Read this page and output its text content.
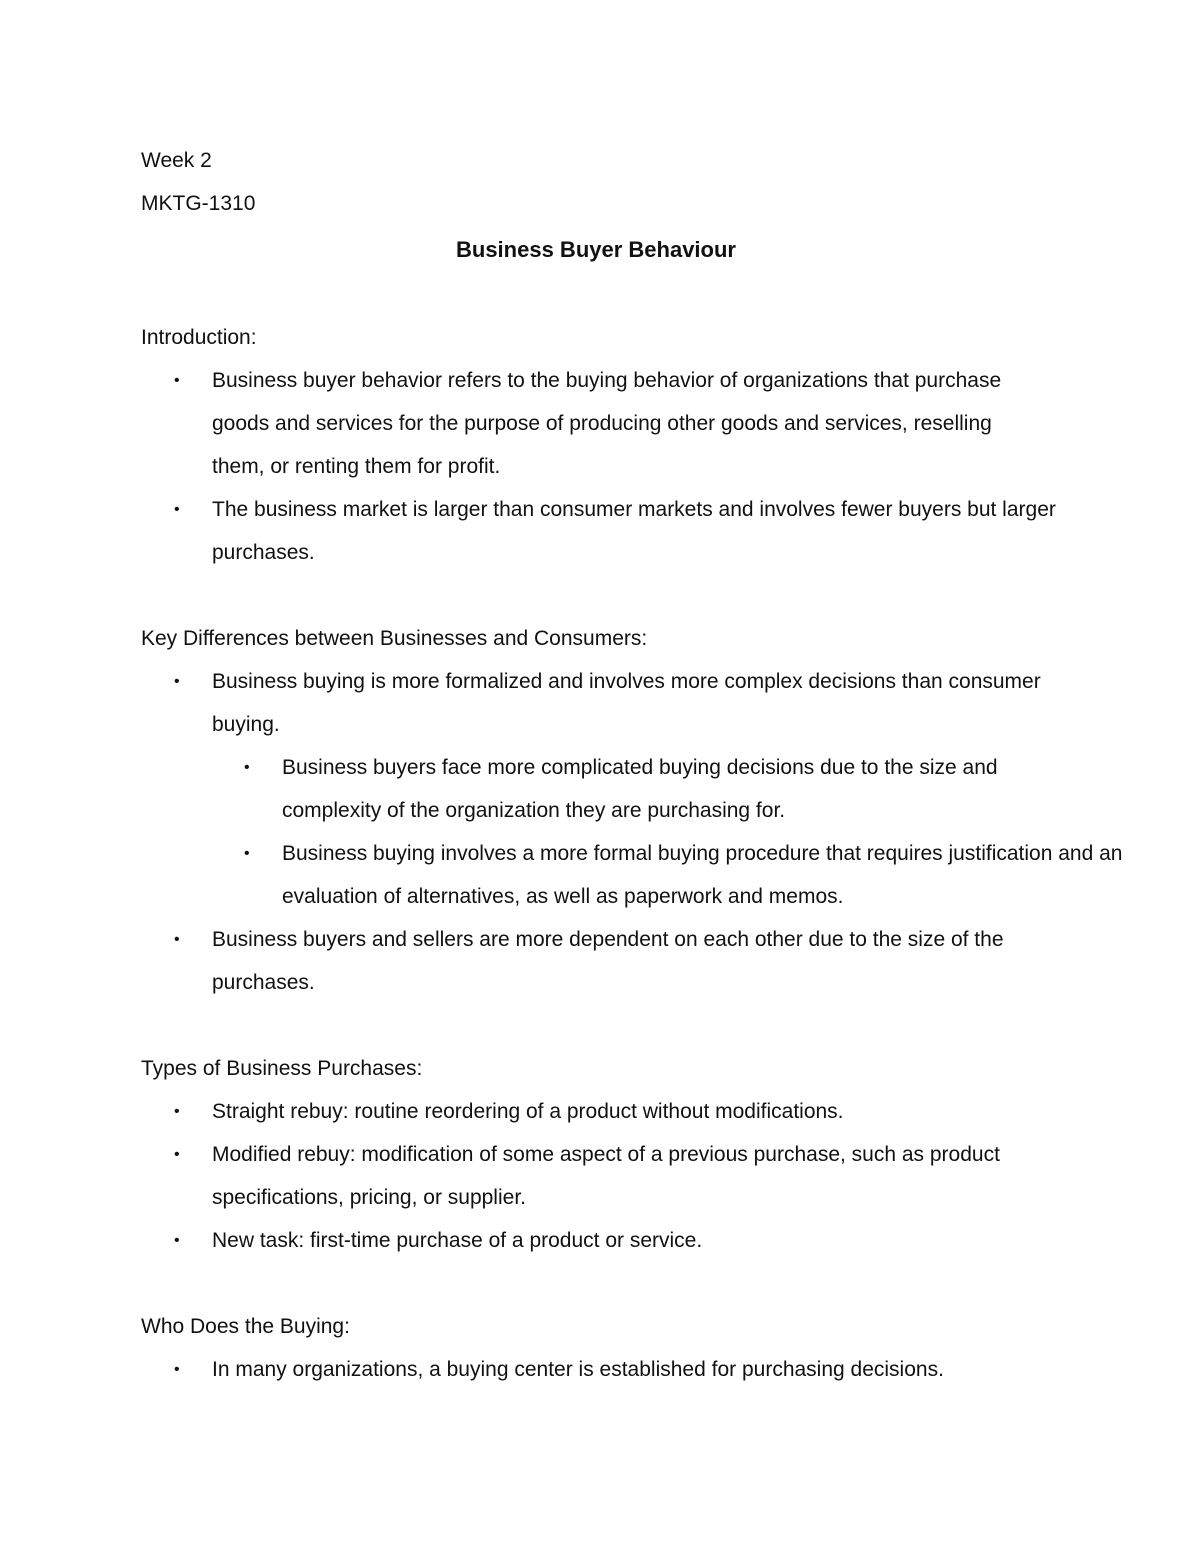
Week 2

MKTG-1310

Business Buyer Behaviour

Introduction:

• Business buyer behavior refers to the buying behavior of organizations that purchase goods and services for the purpose of producing other goods and services, reselling them, or renting them for profit.
• The business market is larger than consumer markets and involves fewer buyers but larger purchases.

Key Differences between Businesses and Consumers:

• Business buying is more formalized and involves more complex decisions than consumer buying.
• Business buyers face more complicated buying decisions due to the size and complexity of the organization they are purchasing for.
• Business buying involves a more formal buying procedure that requires justification and an evaluation of alternatives, as well as paperwork and memos.
• Business buyers and sellers are more dependent on each other due to the size of the purchases.

Types of Business Purchases:

• Straight rebuy: routine reordering of a product without modifications.
• Modified rebuy: modification of some aspect of a previous purchase, such as product specifications, pricing, or supplier.
• New task: first-time purchase of a product or service.

Who Does the Buying:

• In many organizations, a buying center is established for purchasing decisions.
